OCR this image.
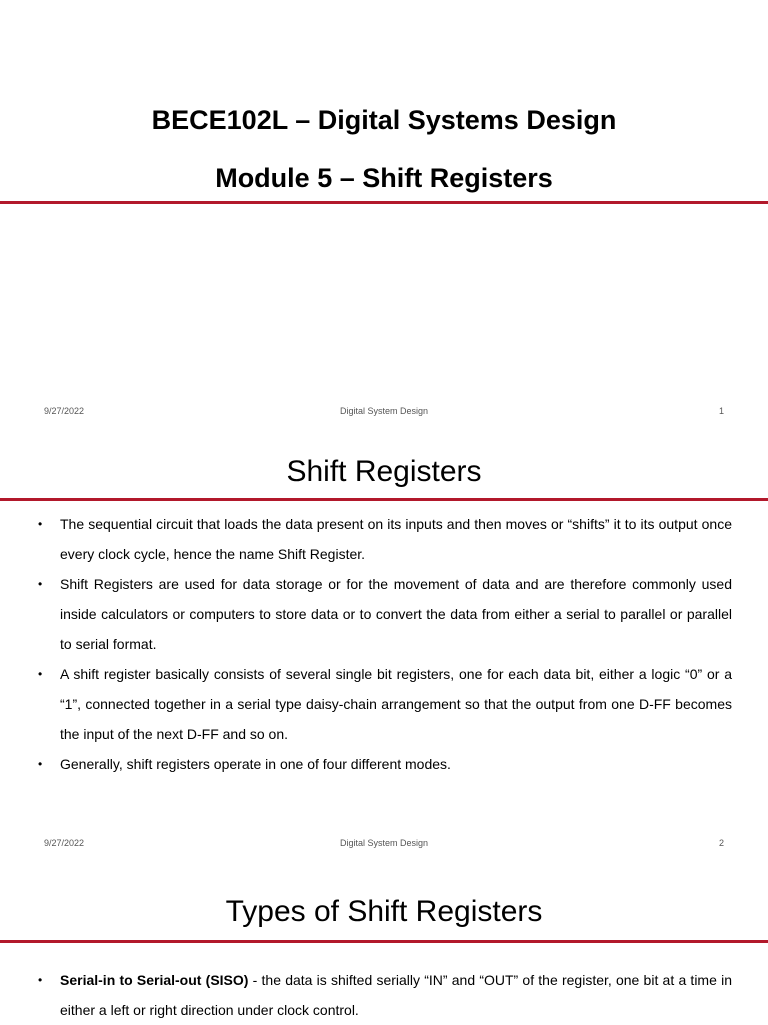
BECE102L – Digital Systems Design
Module 5 – Shift Registers
9/27/2022	Digital System Design	1
Shift Registers
• The sequential circuit that loads the data present on its inputs and then moves or “shifts” it to its output once every clock cycle, hence the name Shift Register.
• Shift Registers are used for data storage or for the movement of data and are therefore commonly used inside calculators or computers to store data or to convert the data from either a serial to parallel or parallel to serial format.
• A shift register basically consists of several single bit registers, one for each data bit, either a logic “0” or a “1”, connected together in a serial type daisy-chain arrangement so that the output from one D-FF becomes the input of the next D-FF and so on.
• Generally, shift registers operate in one of four different modes.
9/27/2022	Digital System Design	2
Types of Shift Registers
• Serial-in to Serial-out (SISO) - the data is shifted serially “IN” and “OUT” of the register, one bit at a time in either a left or right direction under clock control.
